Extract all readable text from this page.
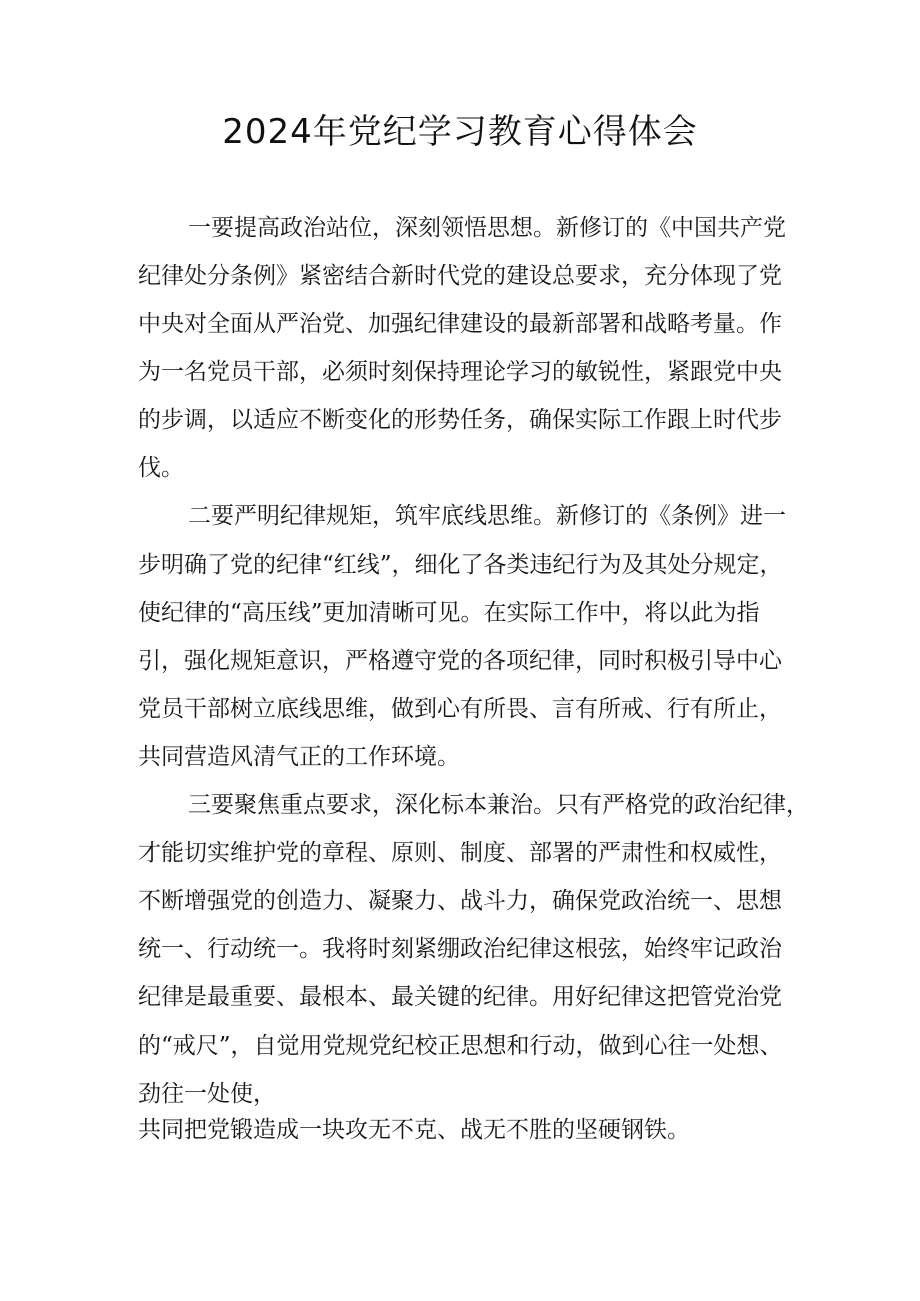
2024年党纪学习教育心得体会

一要提高政治站位，深刻领悟思想。新修订的《中国共产党

纪律处分条例》紧密结合新时代党的建设总要求，充分体现了党

中央对全面从严治党、加强纪律建设的最新部署和战略考量。作

为一名党员干部，必须时刻保持理论学习的敏锐性，紧跟党中央

的步调，以适应不断变化的形势任务，确保实际工作跟上时代步

伐。

二要严明纪律规矩，筑牢底线思维。新修订的《条例》进一

步明确了党的纪律“红线”，细化了各类违纪行为及其处分规定，

使纪律的“高压线”更加清晰可见。在实际工作中，将以此为指

引，强化规矩意识，严格遵守党的各项纪律，同时积极引导中心

党员干部树立底线思维，做到心有所畏、言有所戒、行有所止，

共同营造风清气正的工作环境。

三要聚焦重点要求，深化标本兼治。只有严格党的政治纪律，

才能切实维护党的章程、原则、制度、部署的严肃性和权威性，

不断增强党的创造力、凝聚力、战斗力，确保党政治统一、思想

统一、行动统一。我将时刻紧绷政治纪律这根弦，始终牢记政治

纪律是最重要、最根本、最关键的纪律。用好纪律这把管党治党

的“戒尺”，自觉用党规党纪校正思想和行动，做到心往一处想、

劲往一处使，

共同把党锻造成一块攻无不克、战无不胜的坚硬钢铁。
